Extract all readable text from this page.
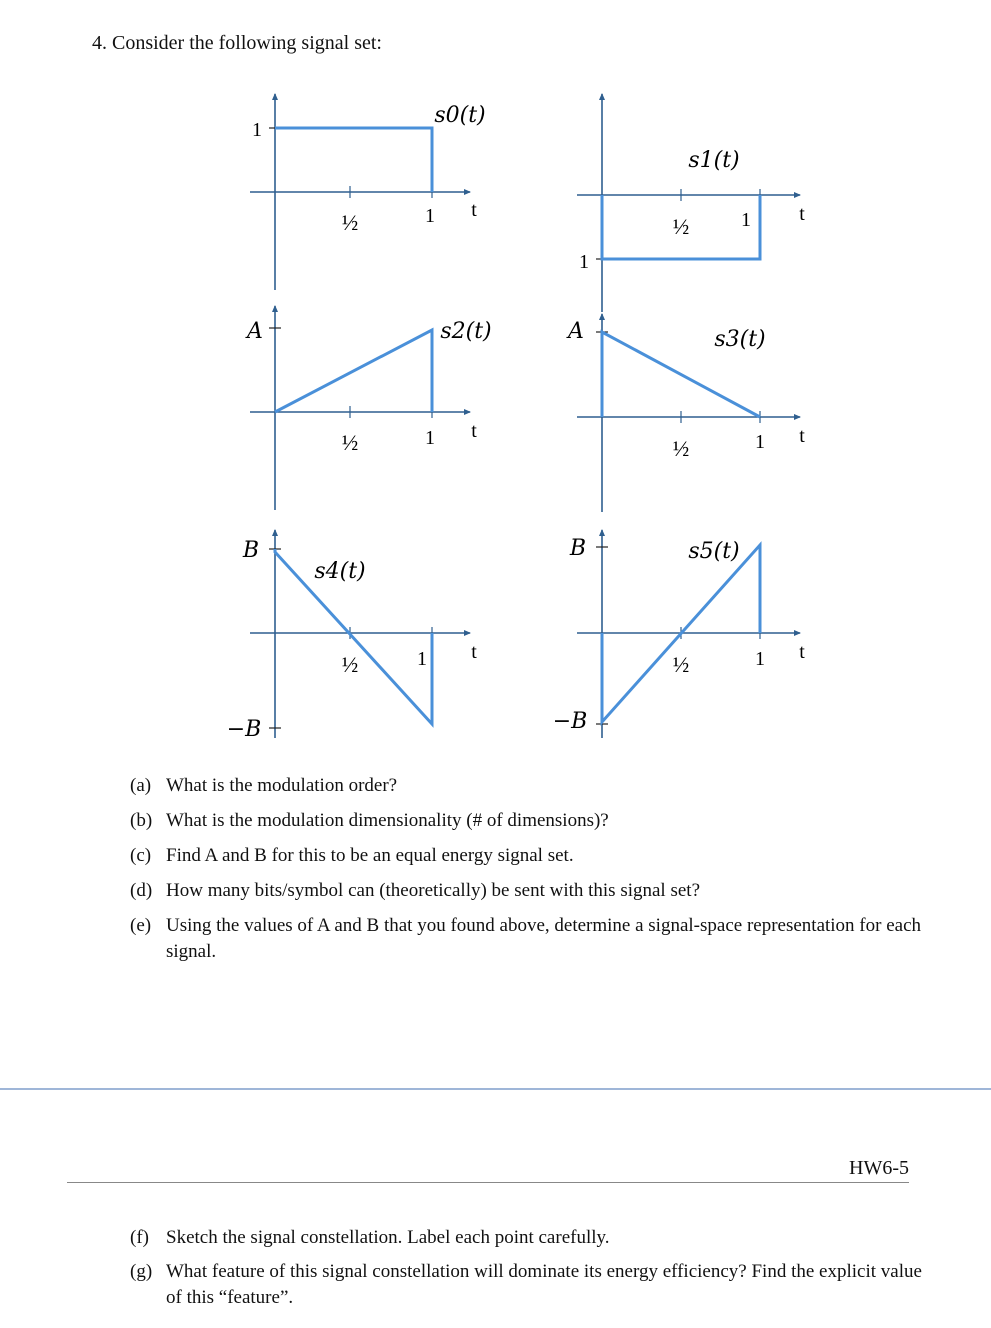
4. Consider the following signal set:
1
½	1 t
s0(t)
1
½	1 t
s1(t)
A
½	1 t
s2(t)	A
½	1 t
s3(t)
B
−B
½	1 t
s4(t)
B
−B
½	1 t
s5(t)
(a) What is the modulation order?
(b) What is the modulation dimensionality (# of dimensions)?
(c) Find A and B for this to be an equal energy signal set.
(d) How many bits/symbol can (theoretically) be sent with this signal set?
(e) Using the values of A and B that you found above, determine a signal-space representation for each signal.
HW6-5
(f) Sketch the signal constellation. Label each point carefully.
(g) What feature of this signal constellation will dominate its energy efficiency? Find the explicit value of this “feature”.
